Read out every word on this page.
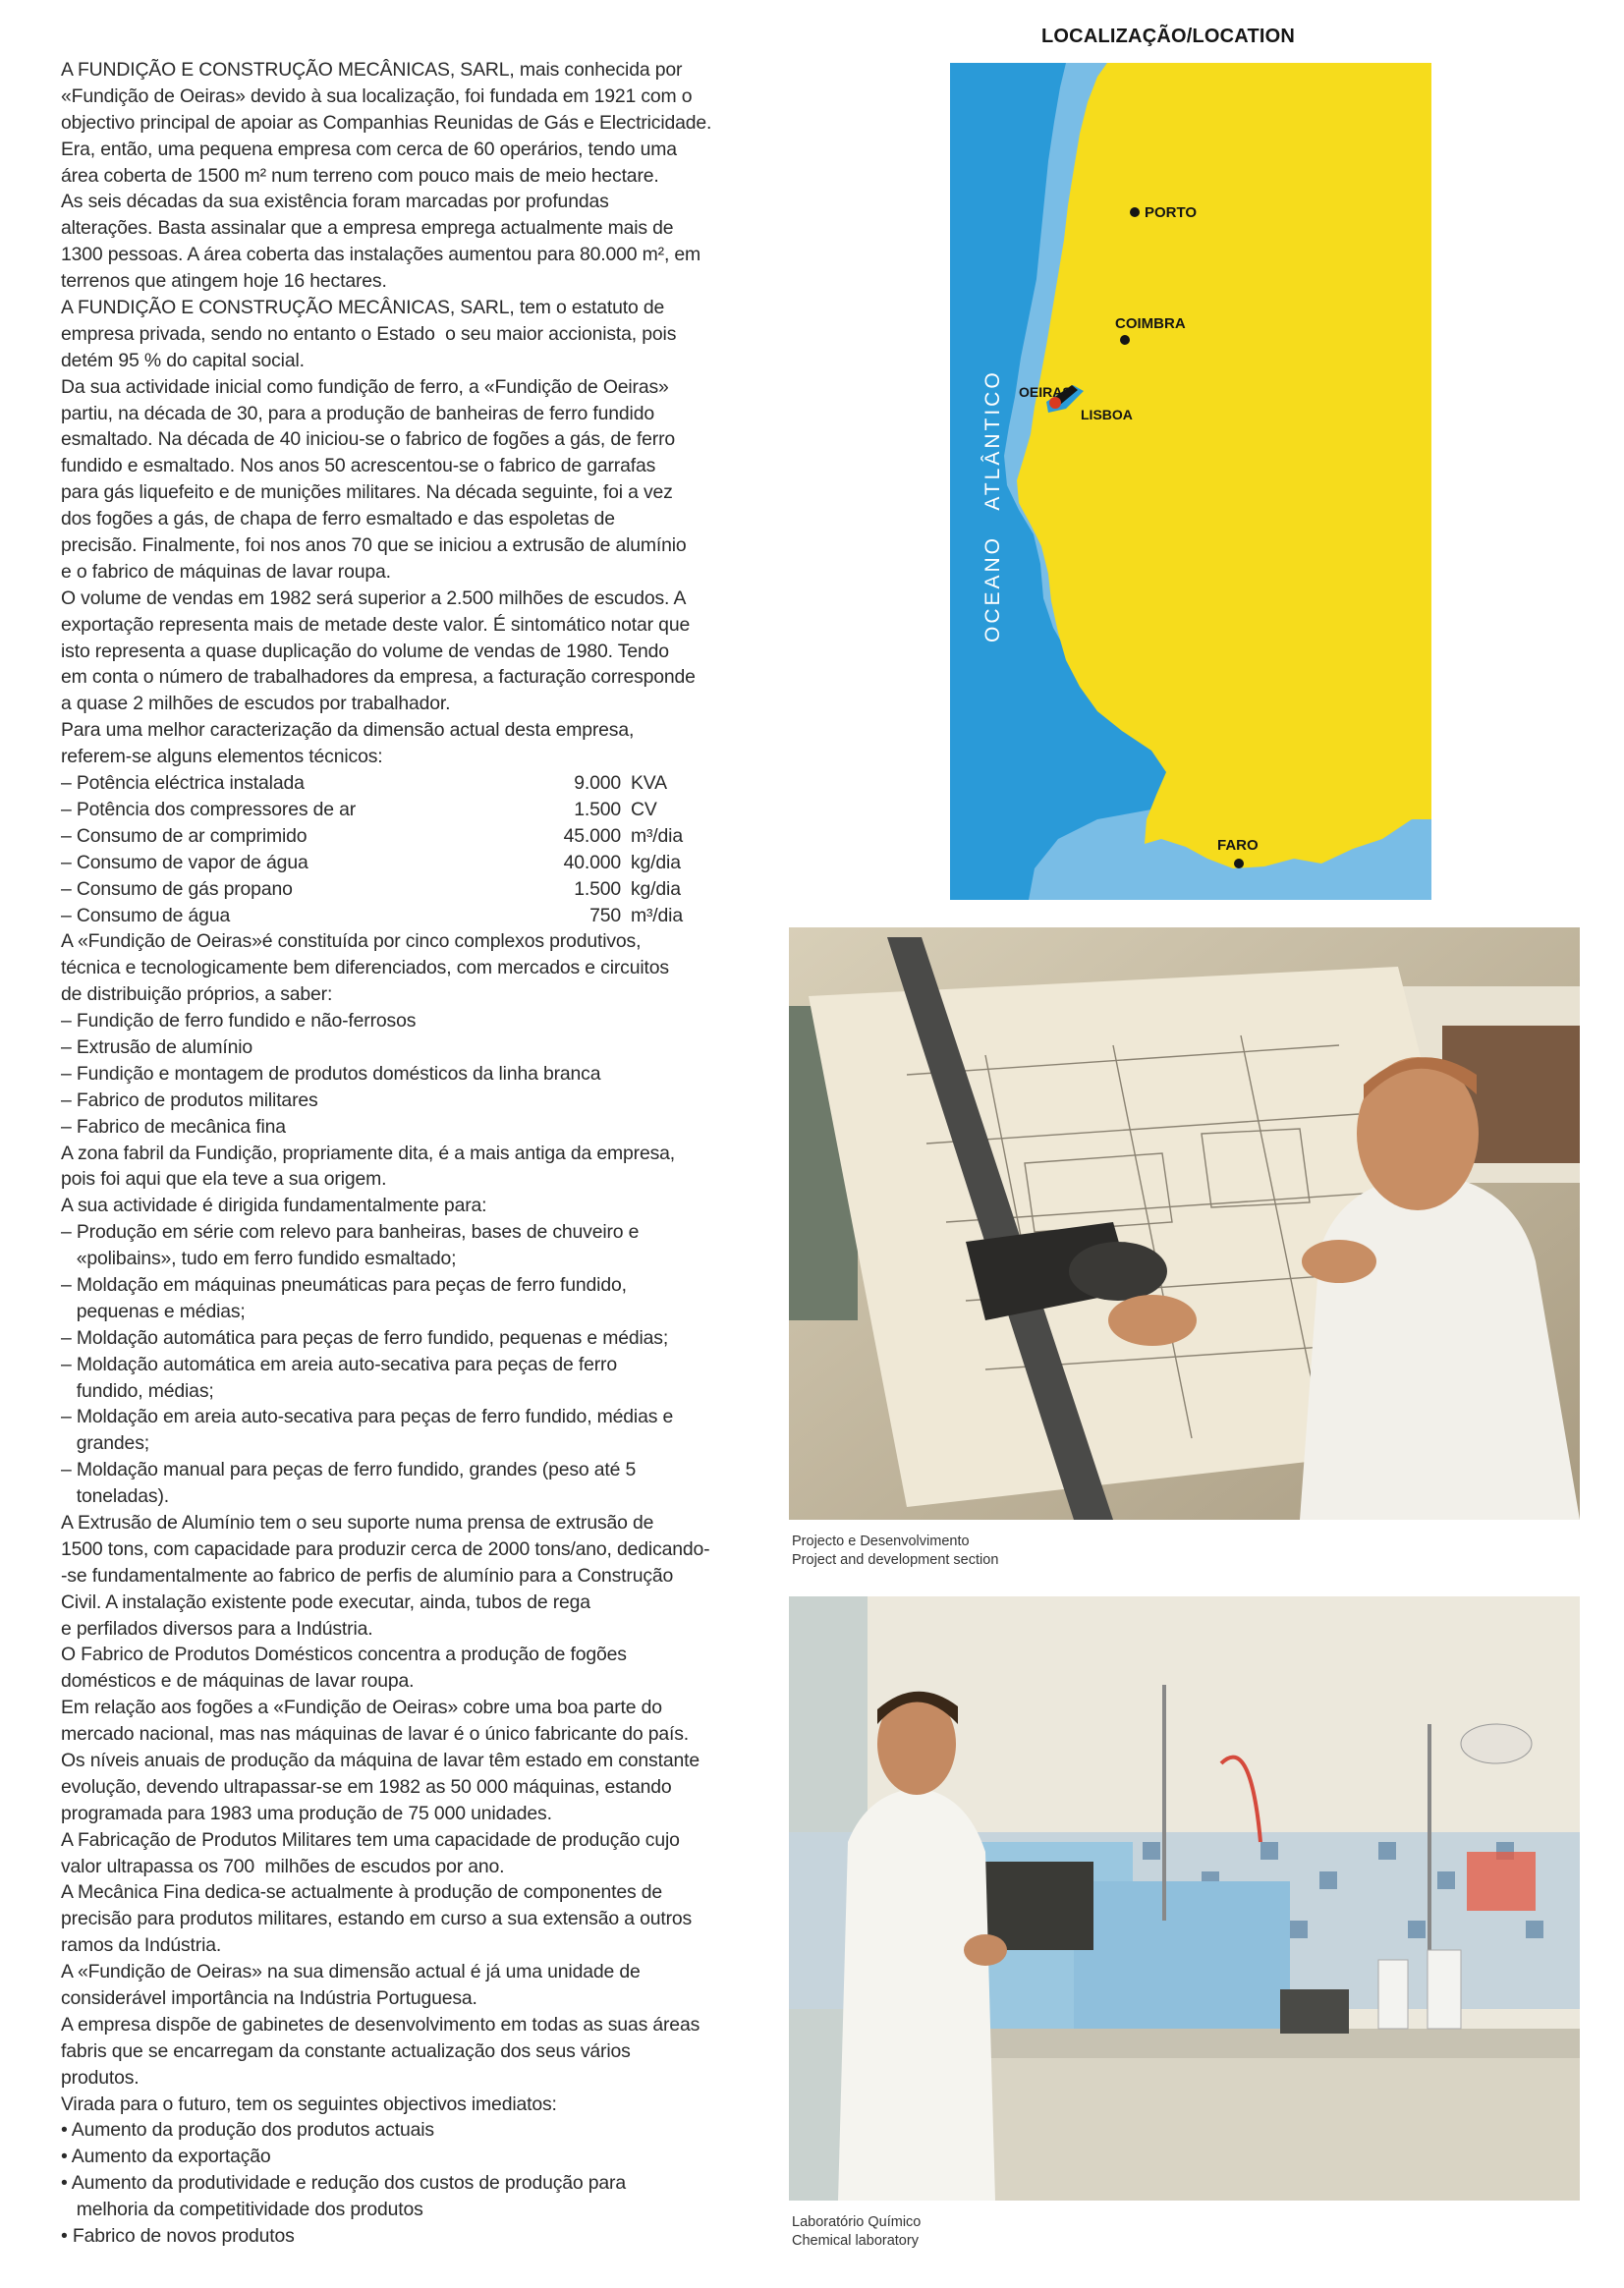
A FUNDIÇÃO E CONSTRUÇÃO MECÂNICAS, SARL, mais conhecida por
«Fundição de Oeiras» devido à sua localização, foi fundada em 1921 com o
objectivo principal de apoiar as Companhias Reunidas de Gás e Electricidade.
Era, então, uma pequena empresa com cerca de 60 operários, tendo uma
área coberta de 1500 m² num terreno com pouco mais de meio hectare.
As seis décadas da sua existência foram marcadas por profundas
alterações. Basta assinalar que a empresa emprega actualmente mais de
1300 pessoas. A área coberta das instalações aumentou para 80.000 m², em
terrenos que atingem hoje 16 hectares.
A FUNDIÇÃO E CONSTRUÇÃO MECÂNICAS, SARL, tem o estatuto de
empresa privada, sendo no entanto o Estado  o seu maior accionista, pois
detém 95 % do capital social.
Da sua actividade inicial como fundição de ferro, a «Fundição de Oeiras»
partiu, na década de 30, para a produção de banheiras de ferro fundido
esmaltado. Na década de 40 iniciou-se o fabrico de fogões a gás, de ferro
fundido e esmaltado. Nos anos 50 acrescentou-se o fabrico de garrafas
para gás liquefeito e de munições militares. Na década seguinte, foi a vez
dos fogões a gás, de chapa de ferro esmaltado e das espoletas de
precisão. Finalmente, foi nos anos 70 que se iniciou a extrusão de alumínio
e o fabrico de máquinas de lavar roupa.
O volume de vendas em 1982 será superior a 2.500 milhões de escudos. A
exportação representa mais de metade deste valor. É sintomático notar que
isto representa a quase duplicação do volume de vendas de 1980. Tendo
em conta o número de trabalhadores da empresa, a facturação corresponde
a quase 2 milhões de escudos por trabalhador.
Para uma melhor caracterização da dimensão actual desta empresa,
referem-se alguns elementos técnicos:
– Potência eléctrica instalada	9.000 KVA
– Potência dos compressores de ar	1.500 CV
– Consumo de ar comprimido	45.000 m³/dia
– Consumo de vapor de água	40.000 kg/dia
– Consumo de gás propano	1.500 kg/dia
– Consumo de água	750 m³/dia
A «Fundição de Oeiras»é constituída por cinco complexos produtivos,
técnica e tecnologicamente bem diferenciados, com mercados e circuitos
de distribuição próprios, a saber:
– Fundição de ferro fundido e não-ferrosos
– Extrusão de alumínio
– Fundição e montagem de produtos domésticos da linha branca
– Fabrico de produtos militares
– Fabrico de mecânica fina
A zona fabril da Fundição, propriamente dita, é a mais antiga da empresa,
pois foi aqui que ela teve a sua origem.
A sua actividade é dirigida fundamentalmente para:
– Produção em série com relevo para banheiras, bases de chuveiro e
«polibains», tudo em ferro fundido esmaltado;
– Moldação em máquinas pneumáticas para peças de ferro fundido,
pequenas e médias;
– Moldação automática para peças de ferro fundido, pequenas e médias;
– Moldação automática em areia auto-secativa para peças de ferro
fundido, médias;
– Moldação em areia auto-secativa para peças de ferro fundido, médias e
grandes;
– Moldação manual para peças de ferro fundido, grandes (peso até 5
toneladas).
A Extrusão de Alumínio tem o seu suporte numa prensa de extrusão de
1500 tons, com capacidade para produzir cerca de 2000 tons/ano, dedicando-
-se fundamentalmente ao fabrico de perfis de alumínio para a Construção
Civil. A instalação existente pode executar, ainda, tubos de rega
e perfilados diversos para a Indústria.
O Fabrico de Produtos Domésticos concentra a produção de fogões
domésticos e de máquinas de lavar roupa.
Em relação aos fogões a «Fundição de Oeiras» cobre uma boa parte do
mercado nacional, mas nas máquinas de lavar é o único fabricante do país.
Os níveis anuais de produção da máquina de lavar têm estado em constante
evolução, devendo ultrapassar-se em 1982 as 50 000 máquinas, estando
programada para 1983 uma produção de 75 000 unidades.
A Fabricação de Produtos Militares tem uma capacidade de produção cujo
valor ultrapassa os 700  milhões de escudos por ano.
A Mecânica Fina dedica-se actualmente à produção de componentes de
precisão para produtos militares, estando em curso a sua extensão a outros
ramos da Indústria.
A «Fundição de Oeiras» na sua dimensão actual é já uma unidade de
considerável importância na Indústria Portuguesa.
A empresa dispõe de gabinetes de desenvolvimento em todas as suas áreas
fabris que se encarregam da constante actualização dos seus vários
produtos.
Virada para o futuro, tem os seguintes objectivos imediatos:
• Aumento da produção dos produtos actuais
• Aumento da exportação
• Aumento da produtividade e redução dos custos de produção para
melhoria da competitividade dos produtos
• Fabrico de novos produtos
LOCALIZAÇÃO/LOCATION
PORTO
COIMBRA
OEIRAS
LISBOA
FARO
OCEANO   ATLÂNTICO
Projecto e Desenvolvimento
Project and development section
Laboratório Químico
Chemical laboratory
